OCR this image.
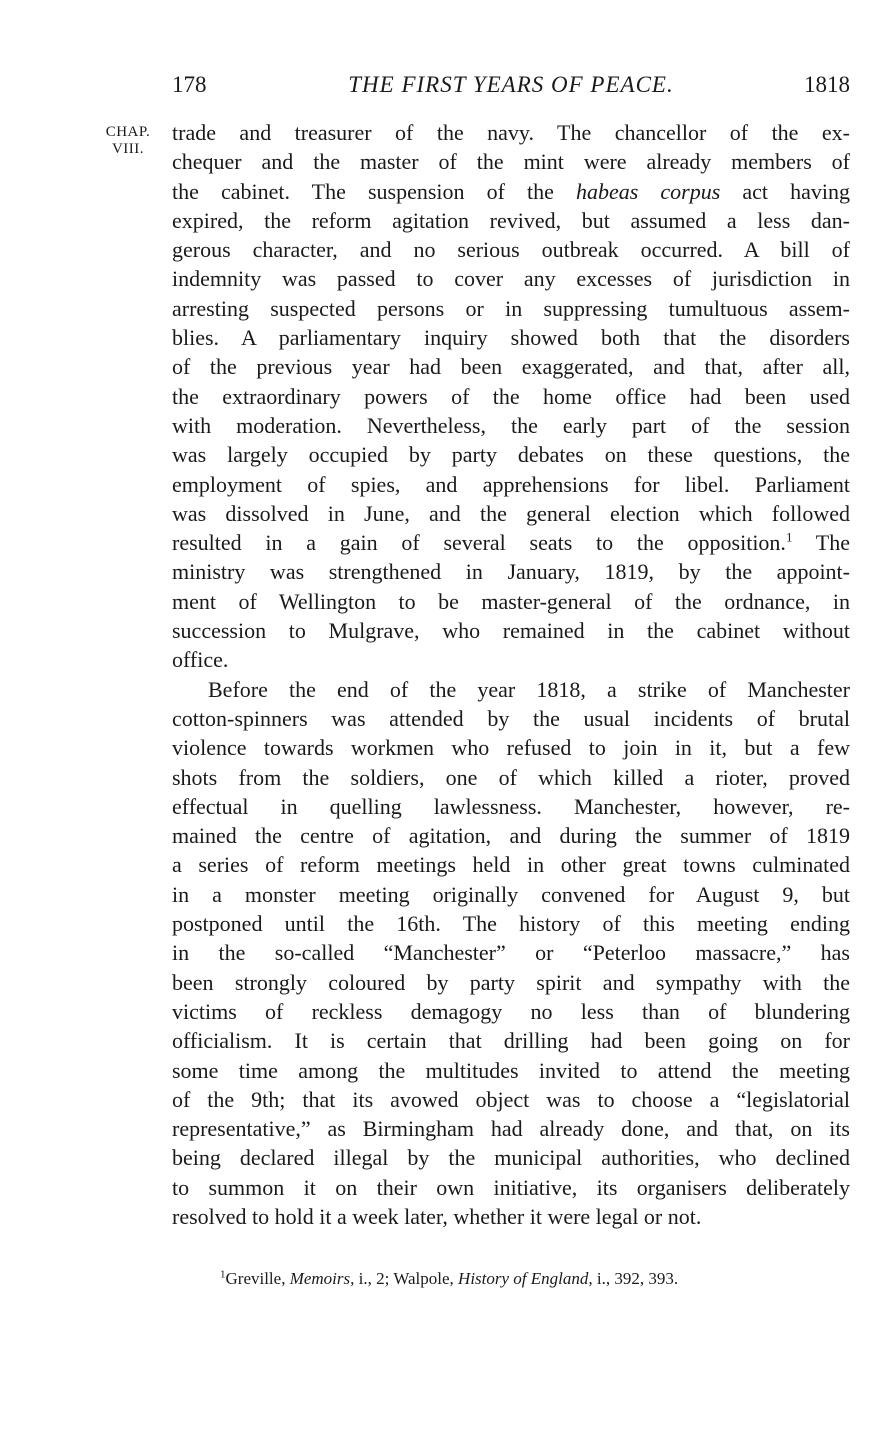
178	THE FIRST YEARS OF PEACE.	1818
CHAP.
VIII.
trade and treasurer of the navy. The chancellor of the ex-
chequer and the master of the mint were already members of
the cabinet. The suspension of the habeas corpus act having
expired, the reform agitation revived, but assumed a less dan-
gerous character, and no serious outbreak occurred. A bill of
indemnity was passed to cover any excesses of jurisdiction in
arresting suspected persons or in suppressing tumultuous assem-
blies. A parliamentary inquiry showed both that the disorders
of the previous year had been exaggerated, and that, after all,
the extraordinary powers of the home office had been used
with moderation. Nevertheless, the early part of the session
was largely occupied by party debates on these questions, the
employment of spies, and apprehensions for libel. Parliament
was dissolved in June, and the general election which followed
resulted in a gain of several seats to the opposition.$^1$ The
ministry was strengthened in January, 1819, by the appoint-
ment of Wellington to be master-general of the ordnance, in
succession to Mulgrave, who remained in the cabinet without
office.
Before the end of the year 1818, a strike of Manchester
cotton-spinners was attended by the usual incidents of brutal
violence towards workmen who refused to join in it, but a few
shots from the soldiers, one of which killed a rioter, proved
effectual in quelling lawlessness. Manchester, however, re-
mained the centre of agitation, and during the summer of 1819
a series of reform meetings held in other great towns culminated
in a monster meeting originally convened for August 9, but
postponed until the 16th. The history of this meeting ending
in the so-called “Manchester” or “Peterloo massacre,” has
been strongly coloured by party spirit and sympathy with the
victims of reckless demagogy no less than of blundering
officialism. It is certain that drilling had been going on for
some time among the multitudes invited to attend the meeting
of the 9th; that its avowed object was to choose a “legislatorial
representative,” as Birmingham had already done, and that, on its
being declared illegal by the municipal authorities, who declined
to summon it on their own initiative, its organisers deliberately
resolved to hold it a week later, whether it were legal or not.
$^1$Greville, Memoirs, i., 2; Walpole, History of England, i., 392, 393.
